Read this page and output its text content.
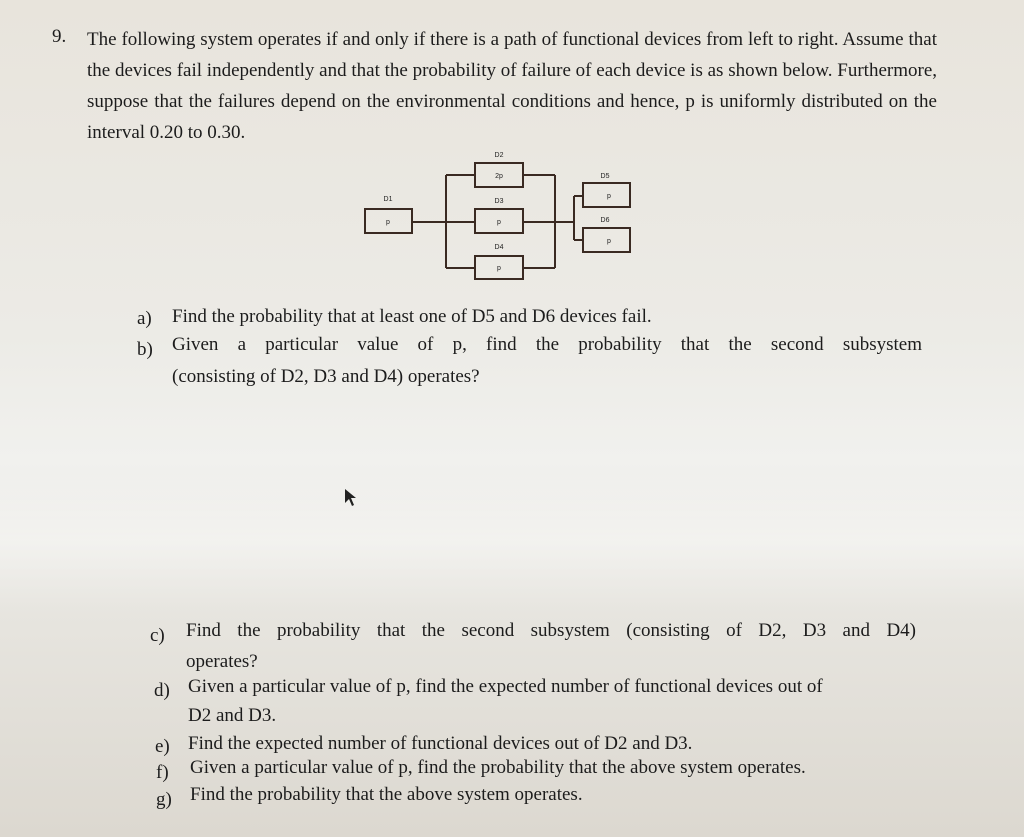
9. The following system operates if and only if there is a path of functional devices from left to right. Assume that the devices fail independently and that the probability of failure of each device is as shown below. Furthermore, suppose that the failures depend on the environmental conditions and hence, p is uniformly distributed on the interval 0.20 to 0.30.
D1
p
D2
2p
D3
p
D4
p
D5
p
D6
p
a) Find the probability that at least one of D5 and D6 devices fail.
b) Given a particular value of p, find the probability that the second subsystem
(consisting of D2, D3 and D4) operates?
c) Find the probability that the second subsystem (consisting of D2, D3 and D4)
operates?
d) Given a particular value of p, find the expected number of functional devices out of
D2 and D3.
e) Find the expected number of functional devices out of D2 and D3.
f) Given a particular value of p, find the probability that the above system operates.
g) Find the probability that the above system operates.
